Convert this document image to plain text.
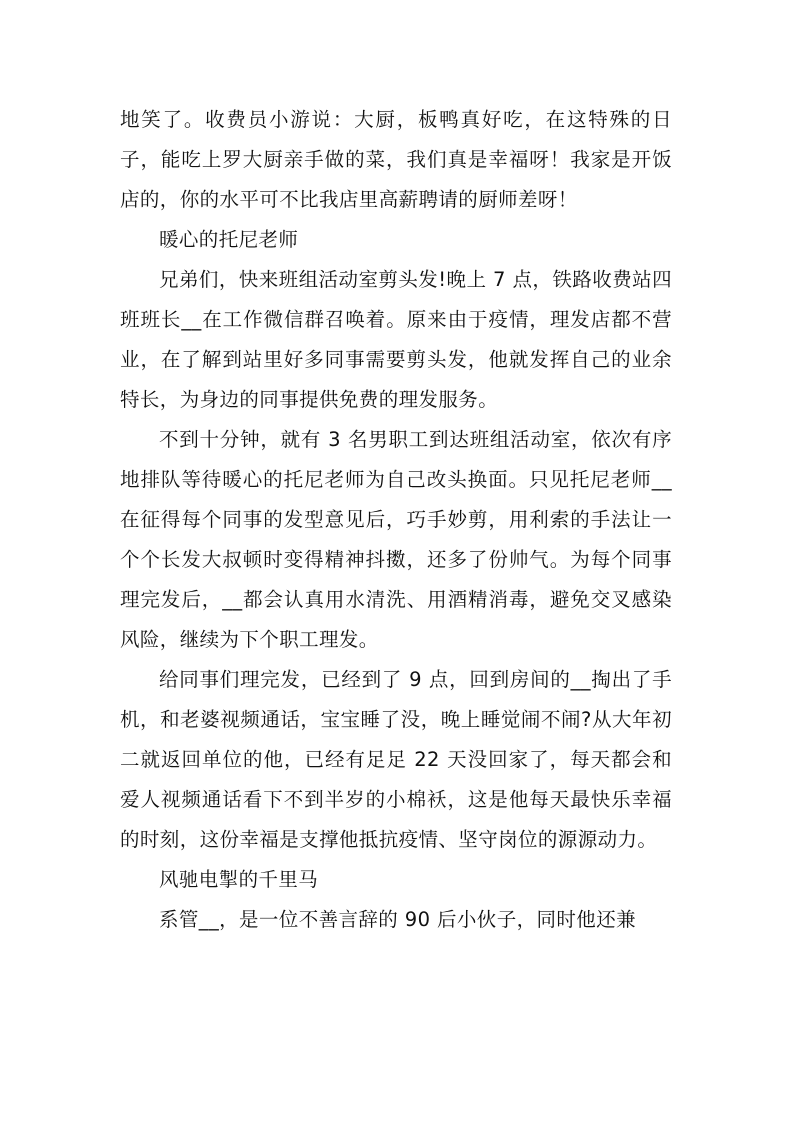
地笑了。收费员小游说：大厨，板鸭真好吃，在这特殊的日子，能吃上罗大厨亲手做的菜，我们真是幸福呀！我家是开饭店的，你的水平可不比我店里高薪聘请的厨师差呀！

暖心的托尼老师

兄弟们，快来班组活动室剪头发!晚上 7 点，铁路收费站四班班长__在工作微信群召唤着。原来由于疫情，理发店都不营业，在了解到站里好多同事需要剪头发，他就发挥自己的业余特长，为身边的同事提供免费的理发服务。

不到十分钟，就有 3 名男职工到达班组活动室，依次有序地排队等待暖心的托尼老师为自己改头换面。只见托尼老师__在征得每个同事的发型意见后，巧手妙剪，用利索的手法让一个个长发大叔顿时变得精神抖擞，还多了份帅气。为每个同事理完发后，__都会认真用水清洗、用酒精消毒，避免交叉感染风险，继续为下个职工理发。

给同事们理完发，已经到了 9 点，回到房间的__掏出了手机，和老婆视频通话，宝宝睡了没，晚上睡觉闹不闹?从大年初二就返回单位的他，已经有足足 22 天没回家了，每天都会和爱人视频通话看下不到半岁的小棉袄，这是他每天最快乐幸福的时刻，这份幸福是支撑他抵抗疫情、坚守岗位的源源动力。

风驰电掣的千里马

系管__，是一位不善言辞的 90 后小伙子，同时他还兼
